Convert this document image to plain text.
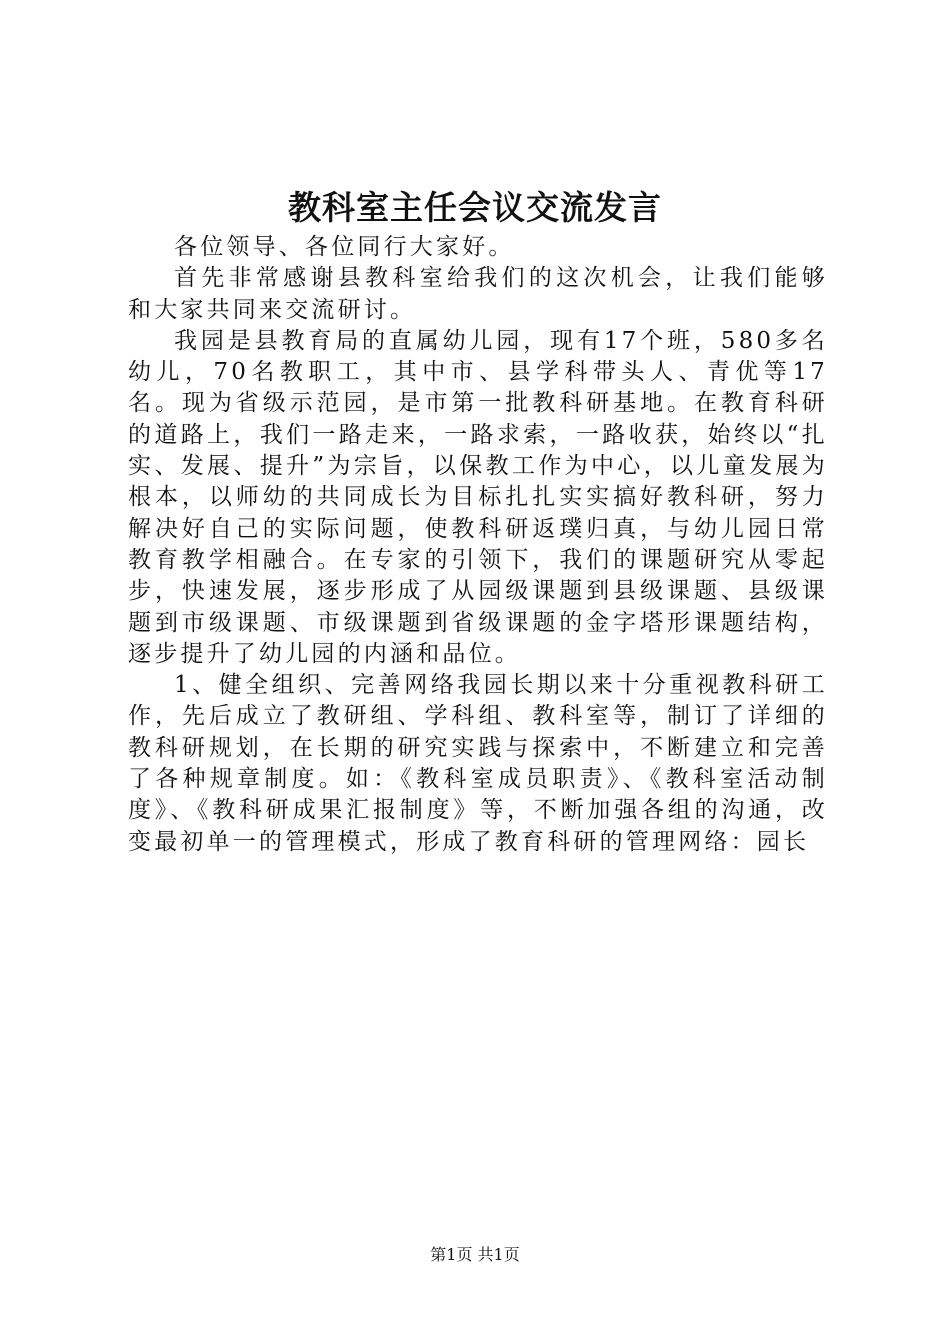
教科室主任会议交流发言

各位领导、各位同行大家好。

首先非常感谢县教科室给我们的这次机会，让我们能够和大家共同来交流研讨。

我园是县教育局的直属幼儿园，现有17个班，580多名幼儿，70名教职工，其中市、县学科带头人、青优等17名。现为省级示范园，是市第一批教科研基地。在教育科研的道路上，我们一路走来，一路求索，一路收获，始终以“扎实、发展、提升”为宗旨，以保教工作为中心，以儿童发展为根本，以师幼的共同成长为目标扎扎实实搞好教科研，努力解决好自己的实际问题，使教科研返璞归真，与幼儿园日常教育教学相融合。在专家的引领下，我们的课题研究从零起步，快速发展，逐步形成了从园级课题到县级课题、县级课题到市级课题、市级课题到省级课题的金字塔形课题结构，逐步提升了幼儿园的内涵和品位。

1、健全组织、完善网络我园长期以来十分重视教科研工作，先后成立了教研组、学科组、教科室等，制订了详细的教科研规划，在长期的研究实践与探索中，不断建立和完善了各种规章制度。如：《教科室成员职责》、《教科室活动制度》、《教科研成果汇报制度》等，不断加强各组的沟通，改变最初单一的管理模式，形成了教育科研的管理网络：园长

第1页 共1页
